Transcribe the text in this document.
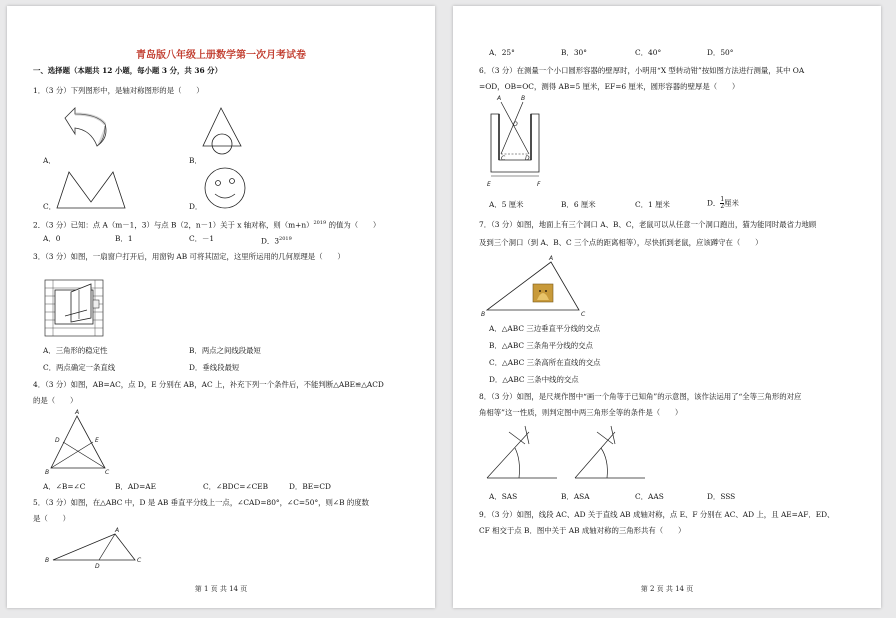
青岛版八年级上册数学第一次月考试卷
一、选择题（本题共 12 小题，每小题 3 分，共 36 分）
1．（3 分）下列图形中，是轴对称图形的是（　　）
A．	B．
C．	D．
2．（3 分）已知：点 A（m－1，3）与点 B（2，n－1）关于 x 轴对称，则$(m+n)^{2019}$ 的值为（　　）
A．0	B．1	C．－1	D．$3^{2019}$
3．（3 分）如图，一扇窗户打开后，用窗钩 AB 可将其固定，这里所运用的几何原理是（　　）
A．三角形的稳定性	B．两点之间线段最短
C．两点确定一条直线	D．垂线段最短
4．（3 分）如图，AB=AC，点 D，E 分别在 AB，AC 上，补充下列一个条件后，不能判断△ABE≌△ACD
的是（　　）
A
D	E
B	C
A．∠B=∠C	B．AD=AE	C．∠BDC=∠CEB	D．BE=CD
5．（3 分）如图，在△ABC 中，D 是 AB 垂直平分线上一点，∠CAD=80°，∠C=50°，则∠B 的度数
是（　　）
A
B
D
C
第 1 页 共 14 页
A．25°	B．30°	C．40°	D．50°
6．（3 分）在测量一个小口圆形容器的壁厚时，小明用“X 型转动钳”按如图方法进行测量，其中 OA
=OD，OB=OC，测得 AB=5 厘米，EF=6 厘米，圆形容器的壁厚是（　　）
A	B
O
C	D
E	F
A．5 厘米	B．6 厘米	C．1 厘米	D． $\frac{1}{2}$ 厘米
7．（3 分）如图，地面上有三个洞口 A、B、C，老鼠可以从任意一个洞口跑出，猫为能同时最省力地顾
及到三个洞口（到 A、B、C 三个点的距离相等），尽快抓到老鼠，应该蹲守在（　　）
A
B	C
A．△ABC 三边垂直平分线的交点
B．△ABC 三条角平分线的交点
C．△ABC 三条高所在直线的交点
D．△ABC 三条中线的交点
8．（3 分）如图，是尺规作图中“画一个角等于已知角”的示意图，该作法运用了“全等三角形的对应
角相等”这一性质，则判定图中两三角形全等的条件是（　　）
A．SAS	B．ASA	C．AAS	D．SSS
9．（3 分）如图，线段 AC、AD 关于直线 AB 成轴对称，点 E、F 分别在 AC、AD 上，且 AE=AF．ED、
CF 相交于点 B．图中关于 AB 成轴对称的三角形共有（　　）
第 2 页 共 14 页
